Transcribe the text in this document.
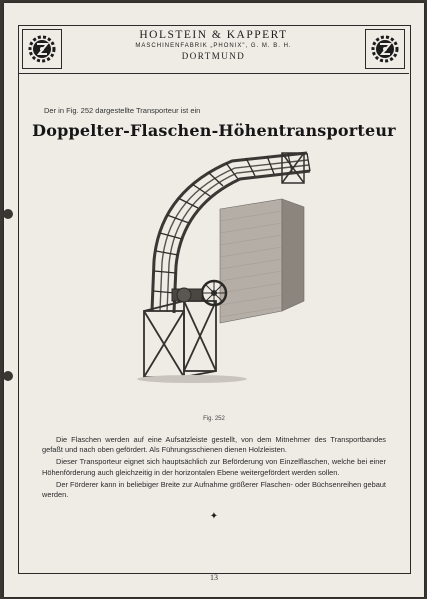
HOLSTEIN & KAPPERT
MASCHINENFABRIK „PHONIX", G. M. B. H.
DORTMUND
Der in Fig. 252 dargestellte Transporteur ist ein
Doppelter-Flaschen-Höhentransporteur
Fig. 252

Die Flaschen werden auf eine Aufsatzleiste gestellt, von dem Mitnehmer des Transportbandes gefaßt und nach oben gefördert. Als Führungsschienen dienen Holzleisten.

Dieser Transporteur eignet sich hauptsächlich zur Beförderung von Einzelflaschen, welche bei einer Höhenförderung auch gleichzeitig in der horizontalen Ebene weitergefördert werden sollen.

Der Förderer kann in beliebiger Breite zur Aufnahme größerer Flaschen- oder Büchsenreihen gebaut werden.

✦
13
